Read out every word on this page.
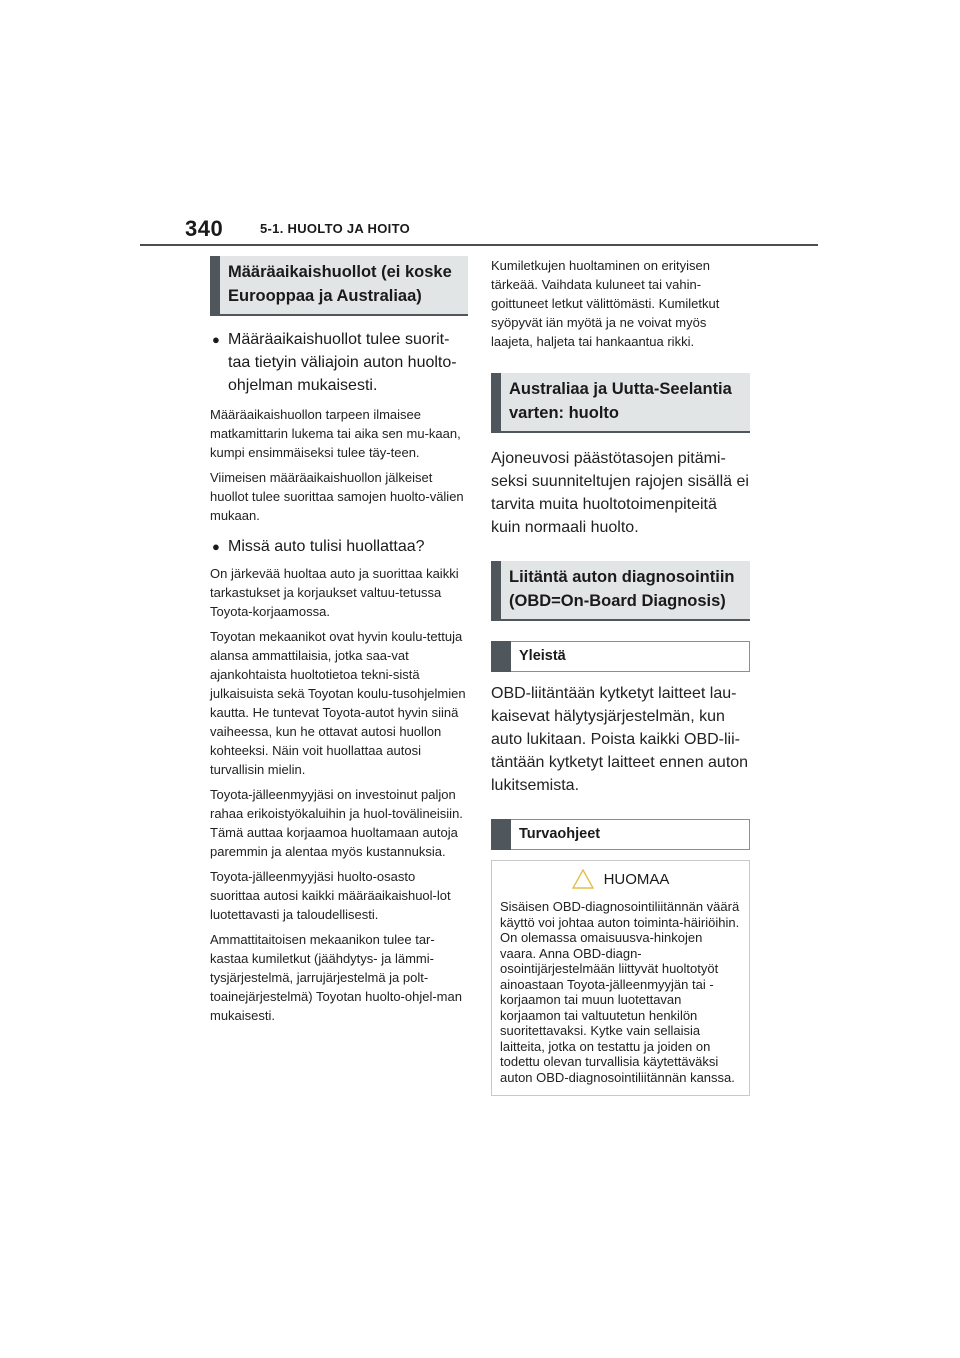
340	5-1. HUOLTO JA HOITO
Määräaikaishuollot (ei koske Eurooppaa ja Australiaa)
● Määräaikaishuollot tulee suorit-taa tietyin väliajoin auton huolto-ohjelman mukaisesti.
Määräaikaishuollon tarpeen ilmaisee matkamittarin lukema tai aika sen mu-kaan, kumpi ensimmäiseksi tulee täy-teen.
Viimeisen määräaikaishuollon jälkeiset huollot tulee suorittaa samojen huolto-välien mukaan.
● Missä auto tulisi huollattaa?
On järkevää huoltaa auto ja suorittaa kaikki tarkastukset ja korjaukset valtuu-tetussa Toyota-korjaamossa.
Toyotan mekaanikot ovat hyvin koulu-tettuja alansa ammattilaisia, jotka saa-vat ajankohtaista huoltotietoa tekni-sistä julkaisuista sekä Toyotan koulu-tusohjelmien kautta. He tuntevat Toyota-autot hyvin siinä vaiheessa, kun he ottavat autosi huollon kohteeksi. Näin voit huollattaa autosi turvallisin mielin.
Toyota-jälleenmyyjäsi on investoinut paljon rahaa erikoistyökaluihin ja huol-tovälineisiin. Tämä auttaa korjaamoa huoltamaan autoja paremmin ja alentaa myös kustannuksia.
Toyota-jälleenmyyjäsi huolto-osasto suorittaa autosi kaikki määräaikaishuol-lot luotettavasti ja taloudellisesti.
Ammattitaitoisen mekaanikon tulee tar-kastaa kumiletkut (jäähdytys- ja lämmi-tysjärjestelmä, jarrujärjestelmä ja polt-toainejärjestelmä) Toyotan huolto-ohjel-man mukaisesti.
Kumiletkujen huoltaminen on erityisen tärkeää. Vaihdata kuluneet tai vahin-goittuneet letkut välittömästi. Kumiletkut syöpyvät iän myötä ja ne voivat myös laajeta, haljeta tai hankaantua rikki.
Australiaa ja Uutta-Seelantia varten: huolto
Ajoneuvosi päästötasojen pitämi-seksi suunniteltujen rajojen sisällä ei tarvita muita huoltotoimenpiteitä kuin normaali huolto.
Liitäntä auton diagnosointiin (OBD=On-Board Diagnosis)
Yleistä
OBD-liitäntään kytketyt laitteet lau-kaisevat hälytysjärjestelmän, kun auto lukitaan. Poista kaikki OBD-lii-täntään kytketyt laitteet ennen auton lukitsemista.
Turvaohjeet
HUOMAA
Sisäisen OBD-diagnosointiliitännän väärä käyttö voi johtaa auton toiminta-häiriöihin. On olemassa omaisuusva-hinkojen vaara. Anna OBD-diagn-osointijärjestelmään liittyvät huoltotyöt ainoastaan Toyota-jälleenmyyjän tai -korjaamon tai muun luotettavan korjaamon tai valtuutetun henkilön suoritettavaksi. Kytke vain sellaisia laitteita, jotka on testattu ja joiden on todettu olevan turvallisia käytettäväksi auton OBD-diagnosointiliitännän kanssa.
